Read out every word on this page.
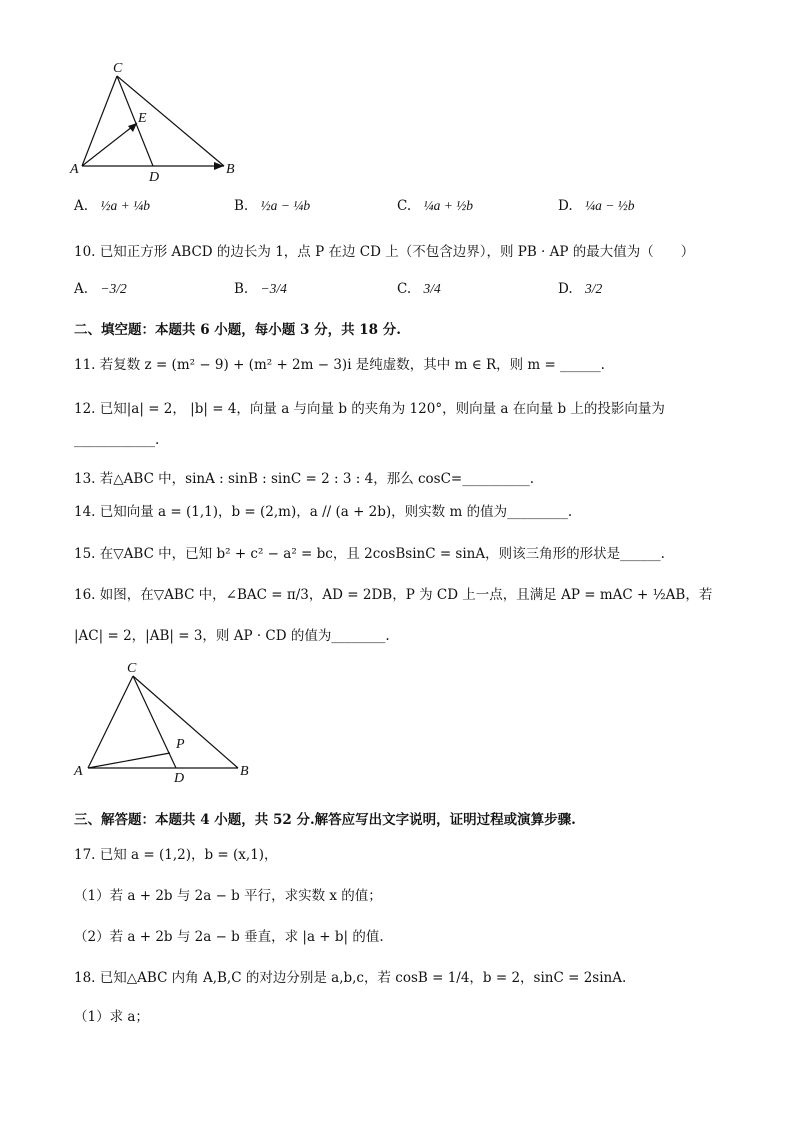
C
E
A
D
B
A. ½a + ¼b	B. ½a − ¼b	C. ¼a + ½b	D. ¼a − ½b
10. 已知正方形 ABCD 的边长为 1，点 P 在边 CD 上（不包含边界），则 PB · AP 的最大值为（　　）
A. −3/2	B. −3/4	C. 3/4	D. 3/2
二、填空题：本题共 6 小题，每小题 3 分，共 18 分.
11. 若复数 z = (m² − 9) + (m² + 2m − 3)i 是纯虚数，其中 m ∈ R，则 m = ______.
12. 已知|a| = 2， |b| = 4，向量 a 与向量 b 的夹角为 120°，则向量 a 在向量 b 上的投影向量为
____________.
13. 若△ABC 中，sinA : sinB : sinC = 2 : 3 : 4，那么 cosC=__________.
14. 已知向量 a = (1,1)，b = (2,m)，a // (a + 2b)，则实数 m 的值为_________.
15. 在▽ABC 中，已知 b² + c² − a² = bc，且 2cosBsinC = sinA，则该三角形的形状是______.
16. 如图，在▽ABC 中，∠BAC = π/3，AD = 2DB，P 为 CD 上一点，且满足 AP = mAC + ½AB，若
|AC| = 2，|AB| = 3，则 AP · CD 的值为________.
C
P
A	D	B
三、解答题：本题共 4 小题，共 52 分.解答应写出文字说明，证明过程或演算步骤.
17. 已知 a = (1,2)，b = (x,1)，
（1）若 a + 2b 与 2a − b 平行，求实数 x 的值；
（2）若 a + 2b 与 2a − b 垂直，求 |a + b| 的值.
18. 已知△ABC 内角 A,B,C 的对边分别是 a,b,c，若 cosB = 1/4，b = 2，sinC = 2sinA.
（1）求 a；
